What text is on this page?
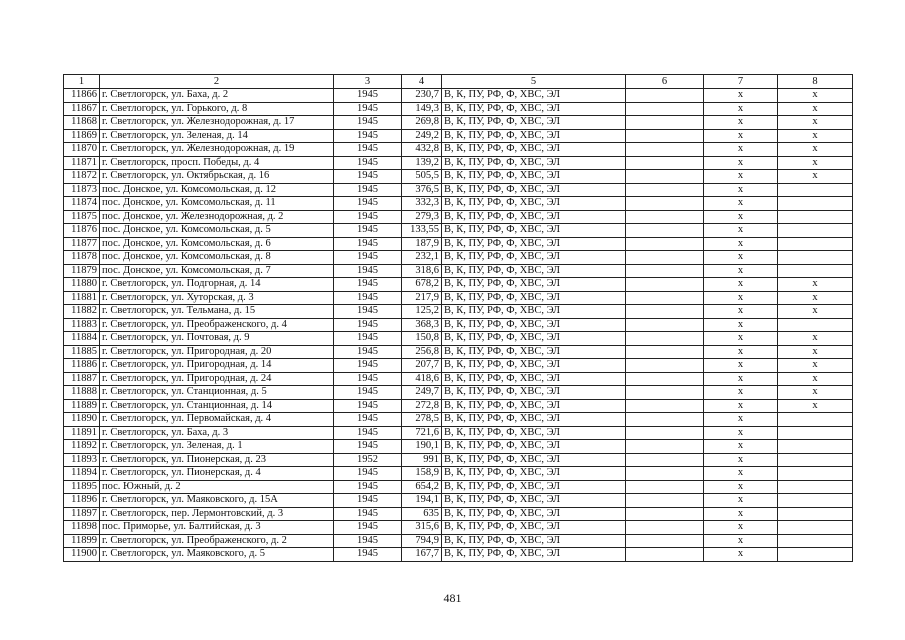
1	2	3	4	5	6	7	8
11866	г. Светлогорск, ул. Баха, д. 2	1945	230,7	В, К, ПУ, РФ, Ф, ХВС, ЭЛ		х	х
11867	г. Светлогорск, ул. Горького, д. 8	1945	149,3	В, К, ПУ, РФ, Ф, ХВС, ЭЛ		х	х
11868	г. Светлогорск, ул. Железнодорожная, д. 17	1945	269,8	В, К, ПУ, РФ, Ф, ХВС, ЭЛ		х	х
11869	г. Светлогорск, ул. Зеленая, д. 14	1945	249,2	В, К, ПУ, РФ, Ф, ХВС, ЭЛ		х	х
11870	г. Светлогорск, ул. Железнодорожная, д. 19	1945	432,8	В, К, ПУ, РФ, Ф, ХВС, ЭЛ		х	х
11871	г. Светлогорск, просп. Победы, д. 4	1945	139,2	В, К, ПУ, РФ, Ф, ХВС, ЭЛ		х	х
11872	г. Светлогорск, ул. Октябрьская, д. 16	1945	505,5	В, К, ПУ, РФ, Ф, ХВС, ЭЛ		х	х
11873	пос. Донское, ул. Комсомольская, д. 12	1945	376,5	В, К, ПУ, РФ, Ф, ХВС, ЭЛ		х	
11874	пос. Донское, ул. Комсомольская, д. 11	1945	332,3	В, К, ПУ, РФ, Ф, ХВС, ЭЛ		х	
11875	пос. Донское, ул. Железнодорожная, д. 2	1945	279,3	В, К, ПУ, РФ, Ф, ХВС, ЭЛ		х	
11876	пос. Донское, ул. Комсомольская, д. 5	1945	133,55	В, К, ПУ, РФ, Ф, ХВС, ЭЛ		х	
11877	пос. Донское, ул. Комсомольская, д. 6	1945	187,9	В, К, ПУ, РФ, Ф, ХВС, ЭЛ		х	
11878	пос. Донское, ул. Комсомольская, д. 8	1945	232,1	В, К, ПУ, РФ, Ф, ХВС, ЭЛ		х	
11879	пос. Донское, ул. Комсомольская, д. 7	1945	318,6	В, К, ПУ, РФ, Ф, ХВС, ЭЛ		х	
11880	г. Светлогорск, ул. Подгорная, д. 14	1945	678,2	В, К, ПУ, РФ, Ф, ХВС, ЭЛ		х	х
11881	г. Светлогорск, ул. Хуторская, д. 3	1945	217,9	В, К, ПУ, РФ, Ф, ХВС, ЭЛ		х	х
11882	г. Светлогорск, ул. Тельмана, д. 15	1945	125,2	В, К, ПУ, РФ, Ф, ХВС, ЭЛ		х	х
11883	г. Светлогорск, ул. Преображенского, д. 4	1945	368,3	В, К, ПУ, РФ, Ф, ХВС, ЭЛ		х	
11884	г. Светлогорск, ул. Почтовая, д. 9	1945	150,8	В, К, ПУ, РФ, Ф, ХВС, ЭЛ		х	х
11885	г. Светлогорск, ул. Пригородная, д. 20	1945	256,8	В, К, ПУ, РФ, Ф, ХВС, ЭЛ		х	х
11886	г. Светлогорск, ул. Пригородная, д. 14	1945	207,7	В, К, ПУ, РФ, Ф, ХВС, ЭЛ		х	х
11887	г. Светлогорск, ул. Пригородная, д. 24	1945	418,6	В, К, ПУ, РФ, Ф, ХВС, ЭЛ		х	х
11888	г. Светлогорск, ул. Станционная, д. 5	1945	249,7	В, К, ПУ, РФ, Ф, ХВС, ЭЛ		х	х
11889	г. Светлогорск, ул. Станционная, д. 14	1945	272,8	В, К, ПУ, РФ, Ф, ХВС, ЭЛ		х	х
11890	г. Светлогорск, ул. Первомайская, д. 4	1945	278,5	В, К, ПУ, РФ, Ф, ХВС, ЭЛ		х	
11891	г. Светлогорск, ул. Баха, д. 3	1945	721,6	В, К, ПУ, РФ, Ф, ХВС, ЭЛ		х	
11892	г. Светлогорск, ул. Зеленая, д. 1	1945	190,1	В, К, ПУ, РФ, Ф, ХВС, ЭЛ		х	
11893	г. Светлогорск, ул. Пионерская, д. 23	1952	991	В, К, ПУ, РФ, Ф, ХВС, ЭЛ		х	
11894	г. Светлогорск, ул. Пионерская, д. 4	1945	158,9	В, К, ПУ, РФ, Ф, ХВС, ЭЛ		х	
11895	пос. Южный, д. 2	1945	654,2	В, К, ПУ, РФ, Ф, ХВС, ЭЛ		х	
11896	г. Светлогорск, ул. Маяковского, д. 15А	1945	194,1	В, К, ПУ, РФ, Ф, ХВС, ЭЛ		х	
11897	г. Светлогорск, пер. Лермонтовский, д. 3	1945	635	В, К, ПУ, РФ, Ф, ХВС, ЭЛ		х	
11898	пос. Приморье, ул. Балтийская, д. 3	1945	315,6	В, К, ПУ, РФ, Ф, ХВС, ЭЛ		х	
11899	г. Светлогорск, ул. Преображенского, д. 2	1945	794,9	В, К, ПУ, РФ, Ф, ХВС, ЭЛ		х	
11900	г. Светлогорск, ул. Маяковского, д. 5	1945	167,7	В, К, ПУ, РФ, Ф, ХВС, ЭЛ		х	
481
